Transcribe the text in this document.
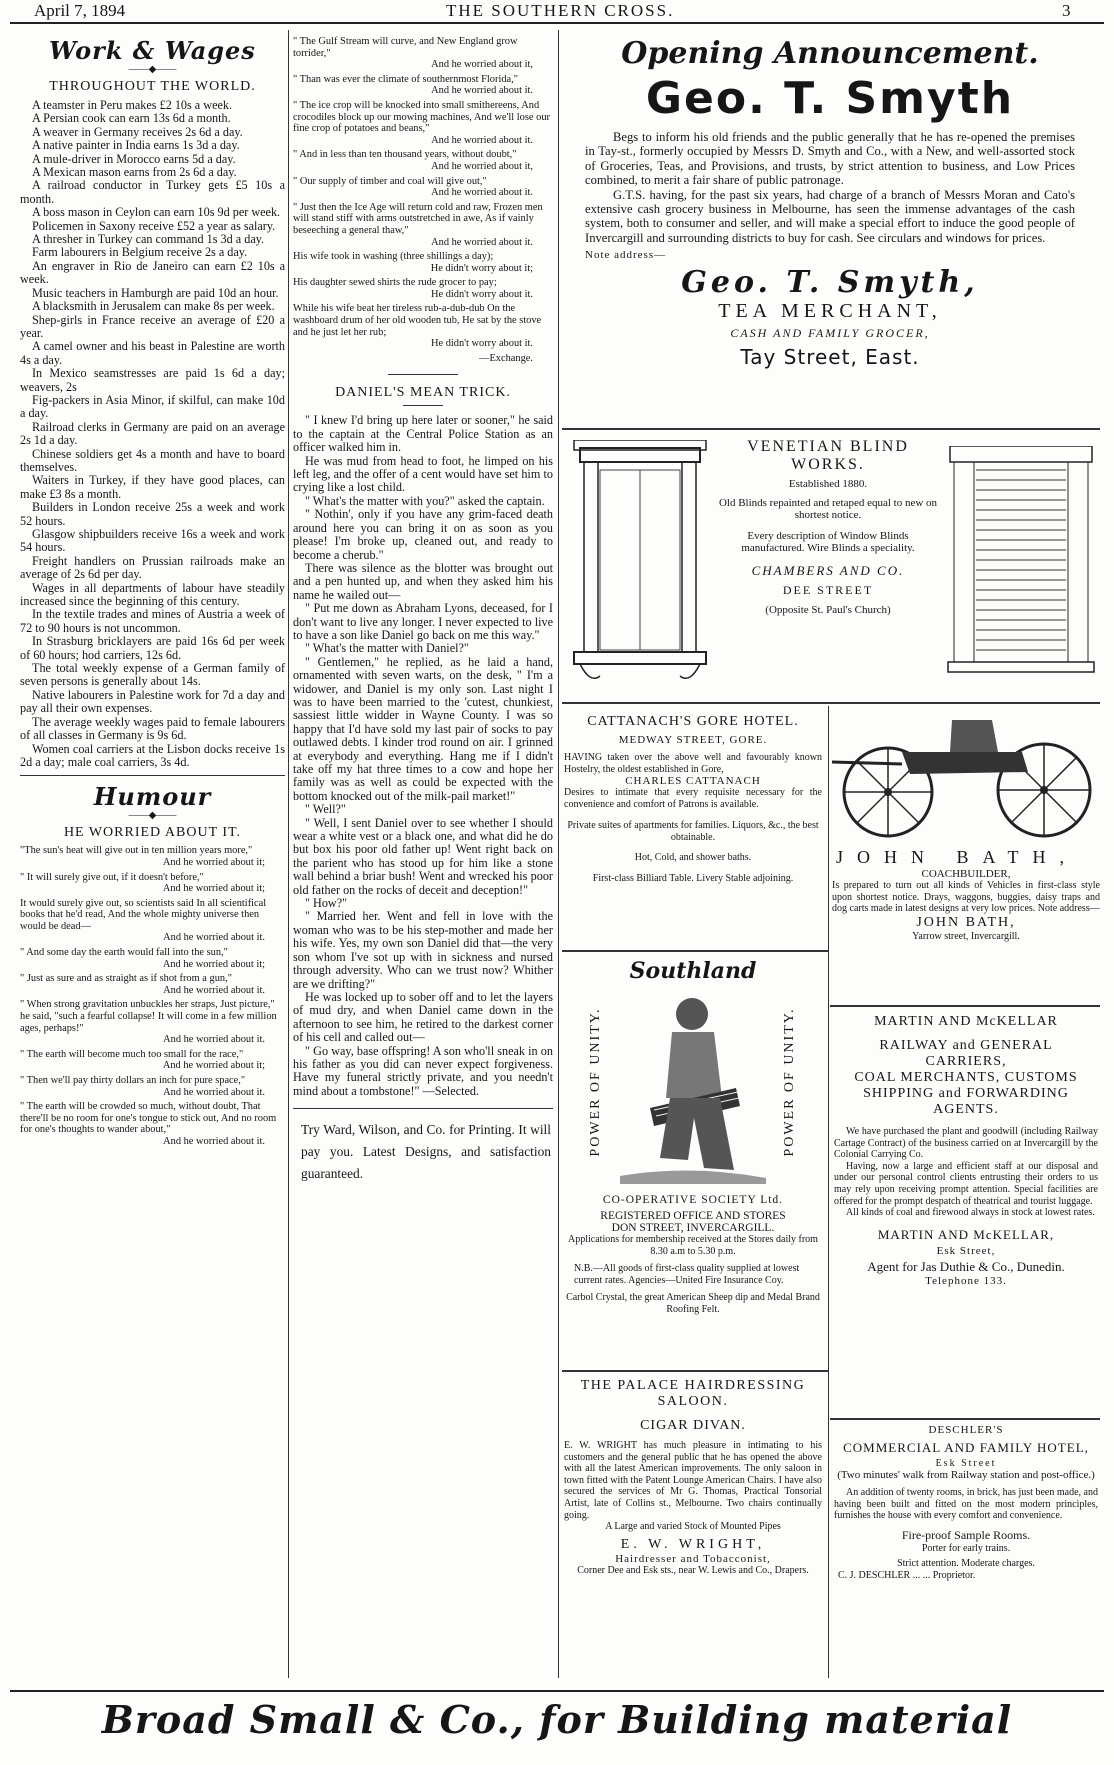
April 7, 1894	THE SOUTHERN CROSS.	3
Work & Wages
——◆——
THROUGHOUT THE WORLD.
A teamster in Peru makes £2 10s a week.
A Persian cook can earn 13s 6d a month.
A weaver in Germany receives 2s 6d a day.
A native painter in India earns 1s 3d a day.
A mule-driver in Morocco earns 5d a day.
A Mexican mason earns from 2s 6d a day.
A railroad conductor in Turkey gets £5 10s a month.
A boss mason in Ceylon can earn 10s 9d per week.
Policemen in Saxony receive £52 a year as salary.
A thresher in Turkey can command 1s 3d a day.
Farm labourers in Belgium receive 2s a day.
An engraver in Rio de Janeiro can earn £2 10s a week.
Music teachers in Hamburgh are paid 10d an hour.
A blacksmith in Jerusalem can make 8s per week.
Shep-girls in France receive an average of £20 a year.
A camel owner and his beast in Palestine are worth 4s a day.
In Mexico seamstresses are paid 1s 6d a day; weavers, 2s
Fig-packers in Asia Minor, if skilful, can make 10d a day.
Railroad clerks in Germany are paid on an average 2s 1d a day.
Chinese soldiers get 4s a month and have to board themselves.
Waiters in Turkey, if they have good places, can make £3 8s a month.
Builders in London receive 25s a week and work 52 hours.
Glasgow shipbuilders receive 16s a week and work 54 hours.
Freight handlers on Prussian railroads make an average of 2s 6d per day.
Wages in all departments of labour have steadily increased since the beginning of this century.
In the textile trades and mines of Austria a week of 72 to 90 hours is not uncommon.
In Strasburg bricklayers are paid 16s 6d per week of 60 hours; hod carriers, 12s 6d.
The total weekly expense of a German family of seven persons is generally about 14s.
Native labourers in Palestine work for 7d a day and pay all their own expenses.
The average weekly wages paid to female labourers of all classes in Germany is 9s 6d.
Women coal carriers at the Lisbon docks receive 1s 2d a day; male coal carriers, 3s 4d.
Humour
——◆——
HE WORRIED ABOUT IT.
"The sun's heat will give out in ten million years more,"
And he worried about it;
" It will surely give out, if it doesn't before,"
And he worried about it;
It would surely give out, so scientists said In all scientifical books that he'd read, And the whole mighty universe then would be dead—
And he worried about it.
" And some day the earth would fall into the sun,"
And he worried about it;
" Just as sure and as straight as if shot from a gun,"
And he worried about it.
" When strong gravitation unbuckles her straps, Just picture," he said, "such a fearful collapse! It will come in a few million ages, perhaps!"
And he worried about it.
" The earth will become much too small for the race,"
And he worried about it;
" Then we'll pay thirty dollars an inch for pure space,"
And he worried about it.
" The earth will be crowded so much, without doubt, That there'll be no room for one's tongue to stick out, And no room for one's thoughts to wander about,"
And he worried about it.
" The Gulf Stream will curve, and New England grow torrider,"
And he worried about it,
" Than was ever the climate of southernmost Florida,"
And he worried about it.
" The ice crop will be knocked into small smithereens, And crocodiles block up our mowing machines, And we'll lose our fine crop of potatoes and beans,"
And he worried about it.
" And in less than ten thousand years, without doubt,"
And he worried about it,
" Our supply of timber and coal will give out,"
And he worried about it.
" Just then the Ice Age will return cold and raw, Frozen men will stand stiff with arms outstretched in awe, As if vainly beseeching a general thaw,"
And he worried about it.
His wife took in washing (three shillings a day);
He didn't worry about it;
His daughter sewed shirts the rude grocer to pay;
He didn't worry about it.
While his wife beat her tireless rub-a-dub-dub On the washboard drum of her old wooden tub, He sat by the stove and he just let her rub;
He didn't worry about it.
—Exchange.
DANIEL'S MEAN TRICK.
" I knew I'd bring up here later or sooner," he said to the captain at the Central Police Station as an officer walked him in.
He was mud from head to foot, he limped on his left leg, and the offer of a cent would have set him to crying like a lost child.
" What's the matter with you?" asked the captain.
" Nothin', only if you have any grim-faced death around here you can bring it on as soon as you please! I'm broke up, cleaned out, and ready to become a cherub."
There was silence as the blotter was brought out and a pen hunted up, and when they asked him his name he wailed out—
" Put me down as Abraham Lyons, deceased, for I don't want to live any longer. I never expected to live to have a son like Daniel go back on me this way."
" What's the matter with Daniel?"
" Gentlemen," he replied, as he laid a hand, ornamented with seven warts, on the desk, " I'm a widower, and Daniel is my only son. Last night I was to have been married to the 'cutest, chunkiest, sassiest little widder in Wayne County. I was so happy that I'd have sold my last pair of socks to pay outlawed debts. I kinder trod round on air. I grinned at everybody and everything. Hang me if I didn't take off my hat three times to a cow and hope her family was as well as could be expected with the bottom knocked out of the milk-pail market!"
" Well?"
" Well, I sent Daniel over to see whether I should wear a white vest or a black one, and what did he do but box his poor old father up! Went right back on the parient who has stood up for him like a stone wall behind a briar bush! Went and wrecked his poor old father on the rocks of deceit and deception!"
" How?"
" Married her. Went and fell in love with the woman who was to be his step-mother and made her his wife. Yes, my own son Daniel did that—the very son whom I've sot up with in sickness and nursed through adversity. Who can we trust now? Whither are we drifting?"
He was locked up to sober off and to let the layers of mud dry, and when Daniel came down in the afternoon to see him, he retired to the darkest corner of his cell and called out—
" Go way, base offspring! A son who'll sneak in on his father as you did can never expect forgiveness. Have my funeral strictly private, and you needn't mind about a tombstone!" —Selected.
Try Ward, Wilson, and Co. for Printing. It will pay you. Latest Designs, and satisfaction guaranteed.
Opening Announcement.
Geo. T. Smyth
Begs to inform his old friends and the public generally that he has re-opened the premises in Tay-st., formerly occupied by Messrs D. Smyth and Co., with a New, and well-assorted stock of Groceries, Teas, and Provisions, and trusts, by strict attention to business, and Low Prices combined, to merit a fair share of public patronage.
G.T.S. having, for the past six years, had charge of a branch of Messrs Moran and Cato's extensive cash grocery business in Melbourne, has seen the immense advantages of the cash system, both to consumer and seller, and will make a special effort to induce the good people of Invercargill and surrounding districts to buy for cash. See circulars and windows for prices.
Note address—
Geo. T. Smyth,
TEA MERCHANT,
CASH AND FAMILY GROCER,
Tay Street, East.
VENETIAN BLIND WORKS.
Established 1880.
Old Blinds repainted and retaped equal to new on shortest notice.
Every description of Window Blinds manufactured. Wire Blinds a speciality.
CHAMBERS AND CO.
DEE STREET
(Opposite St. Paul's Church)
CATTANACH'S GORE HOTEL.
MEDWAY STREET, GORE.
HAVING taken over the above well and favourably known Hostelry, the oldest established in Gore,
CHARLES CATTANACH
Desires to intimate that every requisite necessary for the convenience and comfort of Patrons is available.
Private suites of apartments for families. Liquors, &c., the best obtainable.
Hot, Cold, and shower baths.
First-class Billiard Table. Livery Stable adjoining.
Southland
POWER OF UNITY.	POWER OF UNITY.
CO-OPERATIVE SOCIETY Ltd.
REGISTERED OFFICE AND STORES
DON STREET, INVERCARGILL.
Applications for membership received at the Stores daily from 8.30 a.m to 5.30 p.m.
N.B.—All goods of first-class quality supplied at lowest current rates. Agencies—United Fire Insurance Coy.
Carbol Crystal, the great American Sheep dip and Medal Brand Roofing Felt.
THE PALACE HAIRDRESSING SALOON.
CIGAR DIVAN.
E. W. WRIGHT has much pleasure in intimating to his customers and the general public that he has opened the above with all the latest American improvements. The only saloon in town fitted with the Patent Lounge American Chairs. I have also secured the services of Mr G. Thomas, Practical Tonsorial Artist, late of Collins st., Melbourne. Two chairs continually going.
A Large and varied Stock of Mounted Pipes
E. W. WRIGHT,
Hairdresser and Tobacconist,
Corner Dee and Esk sts., near W. Lewis and Co., Drapers.
JOHN BATH,
COACHBUILDER,
Is prepared to turn out all kinds of Vehicles in first-class style upon shortest notice. Drays, waggons, buggies, daisy traps and dog carts made in latest designs at very low prices. Note address—
JOHN BATH,
Yarrow street, Invercargill.
MARTIN AND McKELLAR
RAILWAY and GENERAL
CARRIERS,
COAL MERCHANTS, CUSTOMS
SHIPPING and FORWARDING AGENTS.
We have purchased the plant and goodwill (including Railway Cartage Contract) of the business carried on at Invercargill by the Colonial Carrying Co.
Having, now a large and efficient staff at our disposal and under our personal control clients entrusting their orders to us may rely upon receiving prompt attention. Special facilities are offered for the prompt despatch of theatrical and tourist luggage.
All kinds of coal and firewood always in stock at lowest rates.
MARTIN AND McKELLAR,
Esk Street,
Agent for Jas Duthie & Co., Dunedin.
Telephone 133.
DESCHLER'S
COMMERCIAL AND FAMILY HOTEL,
Esk Street
(Two minutes' walk from Railway station and post-office.)
An addition of twenty rooms, in brick, has just been made, and having been built and fitted on the most modern principles, furnishes the house with every comfort and convenience.
Fire-proof Sample Rooms.
Porter for early trains.
Strict attention. Moderate charges.
C. J. DESCHLER ... ... Proprietor.
Broad Small & Co., for Building material
